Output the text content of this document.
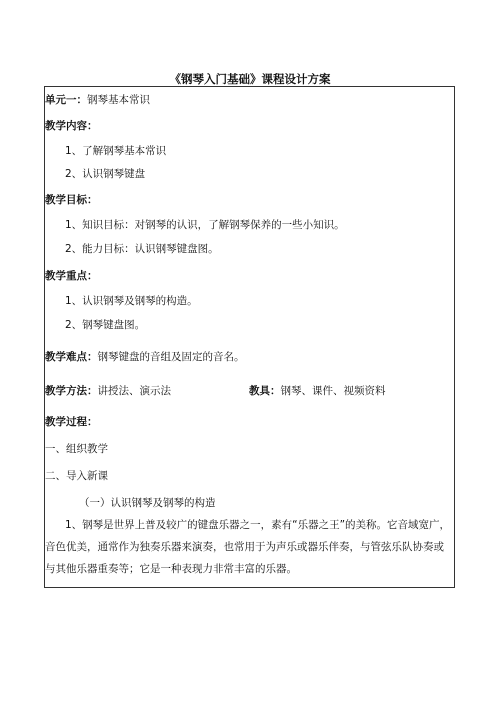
《钢琴入门基础》课程设计方案
单元一：钢琴基本常识
教学内容：
1、了解钢琴基本常识
2、认识钢琴键盘
教学目标：
1、知识目标：对钢琴的认识，了解钢琴保养的一些小知识。
2、能力目标：认识钢琴键盘图。
教学重点：
1、认识钢琴及钢琴的构造。
2、钢琴键盘图。
教学难点：钢琴键盘的音组及固定的音名。
教学方法：讲授法、演示法	教具：钢琴、课件、视频资料
教学过程：
一、组织教学
二、导入新课
（一）认识钢琴及钢琴的构造
1、钢琴是世界上普及较广的键盘乐器之一，素有“乐器之王”的美称。它音域宽广，音色优美，通常作为独奏乐器来演奏，也常用于为声乐或器乐伴奏，与管弦乐队协奏或与其他乐器重奏等；它是一种表现力非常丰富的乐器。
